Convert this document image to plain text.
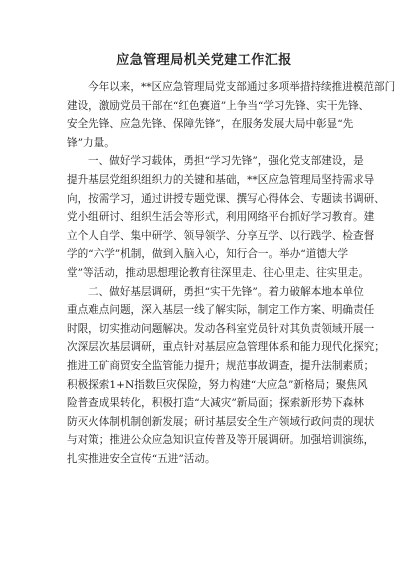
应急管理局机关党建工作汇报

今年以来，**区应急管理局党支部通过多项举措持续推进模范部门
建设，激励党员干部在“红色赛道”上争当“学习先锋、实干先锋、
安全先锋、应急先锋、保障先锋”，在服务发展大局中彰显“先
锋”力量。

一、做好学习载体，勇担“学习先锋”，强化党支部建设，是
提升基层党组织组织力的关键和基础，**区应急管理局坚持需求导
向，按需学习，通过讲授专题党课、撰写心得体会、专题读书调研、
党小组研讨、组织生活会等形式，利用网络平台抓好学习教育。建
立个人自学、集中研学、领导领学、分享互学、以行践学、检查督
学的“六学”机制，做到入脑入心，知行合一。举办“道德大学
堂”等活动，推动思想理论教育往深里走、往心里走、往实里走。

二、做好基层调研，勇担“实干先锋”。着力破解本地本单位
重点难点问题，深入基层一线了解实际，制定工作方案、明确责任
时限，切实推动问题解决。发动各科室党员针对其负责领域开展一
次深层次基层调研，重点针对基层应急管理体系和能力现代化探究；
推进工矿商贸安全监管能力提升；规范事故调查，提升法制素质；
积极探索1+N指数巨灾保险，努力构建“大应急”新格局；聚焦风
险普查成果转化，积极打造“大减灾”新局面；探索新形势下森林
防灭火体制机制创新发展；研讨基层安全生产领域行政问责的现状
与对策；推进公众应急知识宣传普及等开展调研。加强培训演练，
扎实推进安全宣传“五进”活动。
